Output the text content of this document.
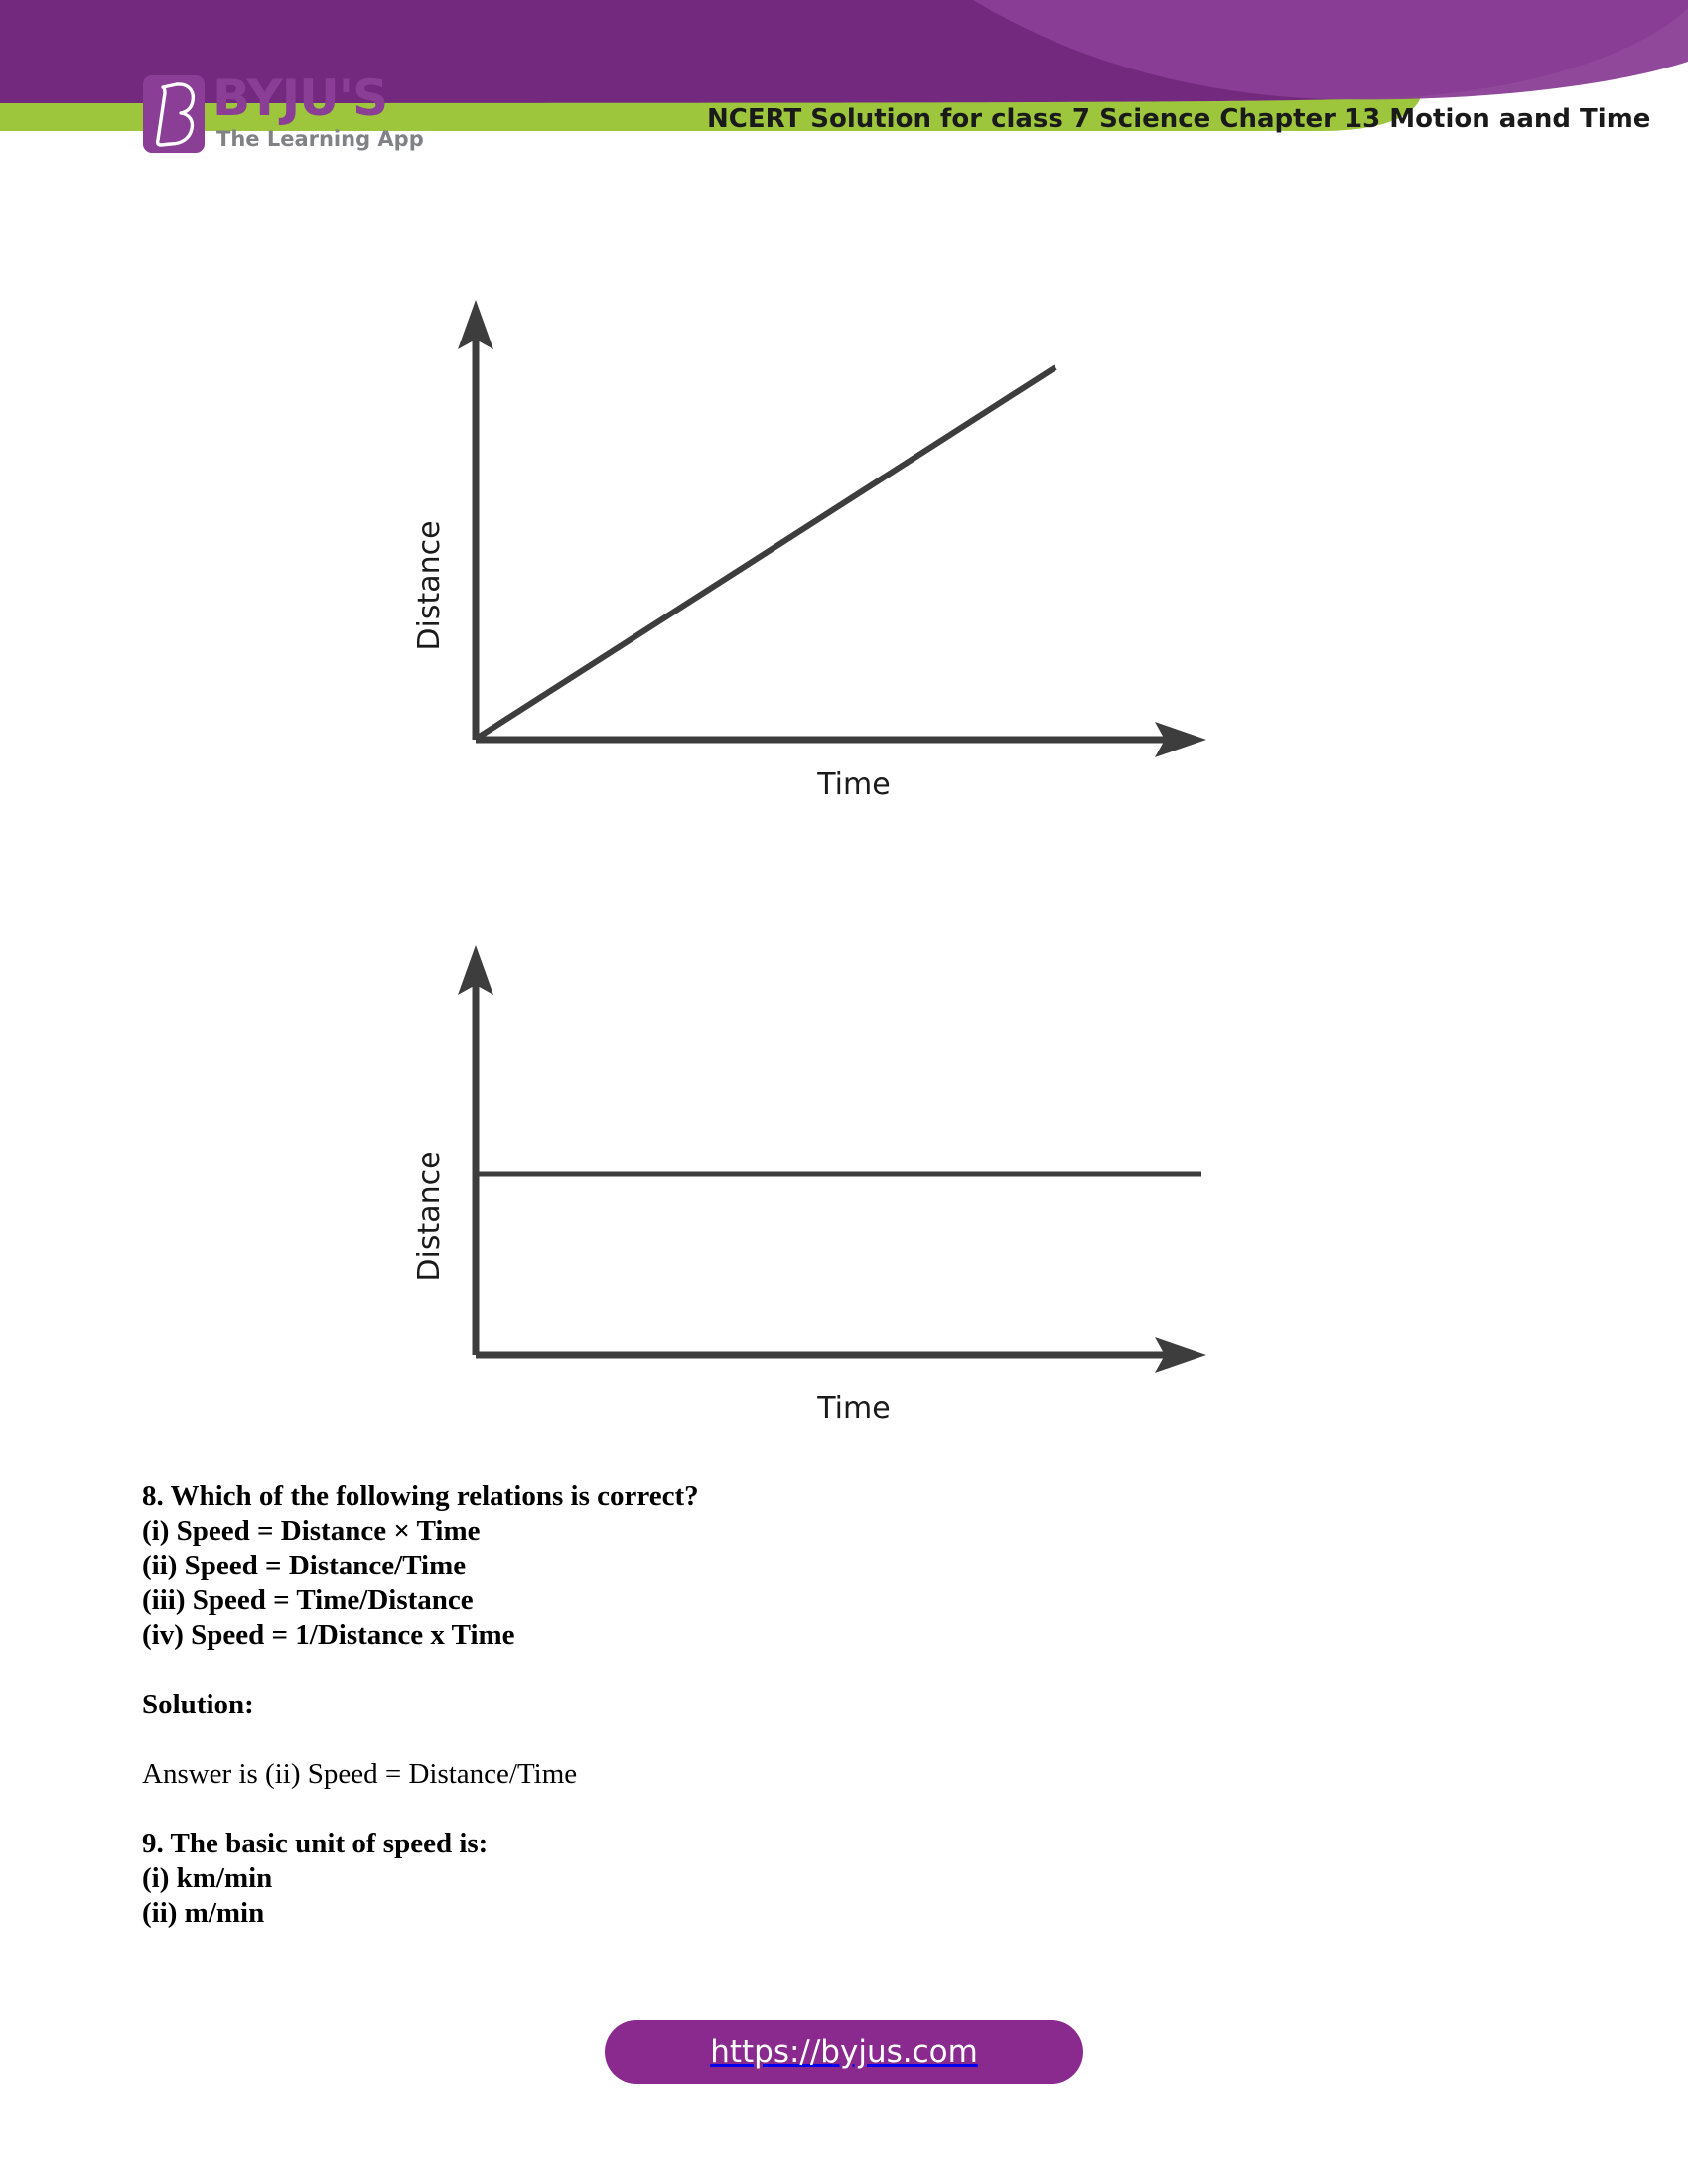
BYJU'S
The Learning App
NCERT Solution for class 7 Science Chapter 13 Motion aand Time
Distance
Time
Distance
Time
8. Which of the following relations is correct?
(i) Speed = Distance × Time
(ii) Speed = Distance/Time
(iii) Speed = Time/Distance
(iv) Speed = 1/Distance x Time
Solution:
Answer is (ii) Speed = Distance/Time
9. The basic unit of speed is:
(i) km/min
(ii) m/min
https://byjus.com
